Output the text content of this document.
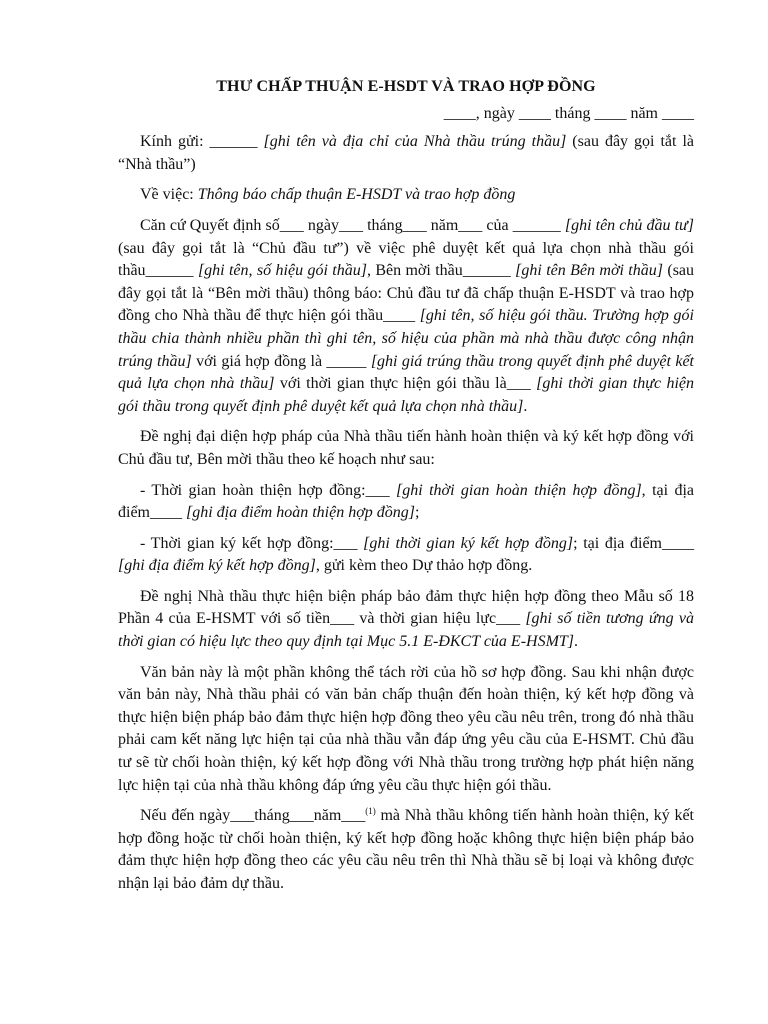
THƯ CHẤP THUẬN E-HSDT VÀ TRAO HỢP ĐỒNG
____, ngày ____ tháng ____ năm ____

Kính gửi: ______ [ghi tên và địa chỉ của Nhà thầu trúng thầu] (sau đây gọi tắt là “Nhà thầu”)

Về việc: Thông báo chấp thuận E-HSDT và trao hợp đồng

Căn cứ Quyết định số___ ngày___ tháng___ năm___ của ______ [ghi tên chủ đầu tư] (sau đây gọi tắt là “Chủ đầu tư”) về việc phê duyệt kết quả lựa chọn nhà thầu gói thầu______ [ghi tên, số hiệu gói thầu], Bên mời thầu______ [ghi tên Bên mời thầu] (sau đây gọi tắt là “Bên mời thầu) thông báo: Chủ đầu tư đã chấp thuận E-HSDT và trao hợp đồng cho Nhà thầu để thực hiện gói thầu____ [ghi tên, số hiệu gói thầu. Trường hợp gói thầu chia thành nhiều phần thì ghi tên, số hiệu của phần mà nhà thầu được công nhận trúng thầu] với giá hợp đồng là _____ [ghi giá trúng thầu trong quyết định phê duyệt kết quả lựa chọn nhà thầu] với thời gian thực hiện gói thầu là___ [ghi thời gian thực hiện gói thầu trong quyết định phê duyệt kết quả lựa chọn nhà thầu].

Đề nghị đại diện hợp pháp của Nhà thầu tiến hành hoàn thiện và ký kết hợp đồng với Chủ đầu tư, Bên mời thầu theo kế hoạch như sau:

- Thời gian hoàn thiện hợp đồng:___ [ghi thời gian hoàn thiện hợp đồng], tại địa điểm____ [ghi địa điểm hoàn thiện hợp đồng];

- Thời gian ký kết hợp đồng:___ [ghi thời gian ký kết hợp đồng]; tại địa điểm____ [ghi địa điểm ký kết hợp đồng], gửi kèm theo Dự thảo hợp đồng.

Đề nghị Nhà thầu thực hiện biện pháp bảo đảm thực hiện hợp đồng theo Mẫu số 18 Phần 4 của E-HSMT với số tiền___ và thời gian hiệu lực___ [ghi số tiền tương ứng và thời gian có hiệu lực theo quy định tại Mục 5.1 E-ĐKCT của E-HSMT].

Văn bản này là một phần không thể tách rời của hồ sơ hợp đồng. Sau khi nhận được văn bản này, Nhà thầu phải có văn bản chấp thuận đến hoàn thiện, ký kết hợp đồng và thực hiện biện pháp bảo đảm thực hiện hợp đồng theo yêu cầu nêu trên, trong đó nhà thầu phải cam kết năng lực hiện tại của nhà thầu vẫn đáp ứng yêu cầu của E-HSMT. Chủ đầu tư sẽ từ chối hoàn thiện, ký kết hợp đồng với Nhà thầu trong trường hợp phát hiện năng lực hiện tại của nhà thầu không đáp ứng yêu cầu thực hiện gói thầu.

Nếu đến ngày___tháng___năm___$^{(1)}$ mà Nhà thầu không tiến hành hoàn thiện, ký kết hợp đồng hoặc từ chối hoàn thiện, ký kết hợp đồng hoặc không thực hiện biện pháp bảo đảm thực hiện hợp đồng theo các yêu cầu nêu trên thì Nhà thầu sẽ bị loại và không được nhận lại bảo đảm dự thầu.
